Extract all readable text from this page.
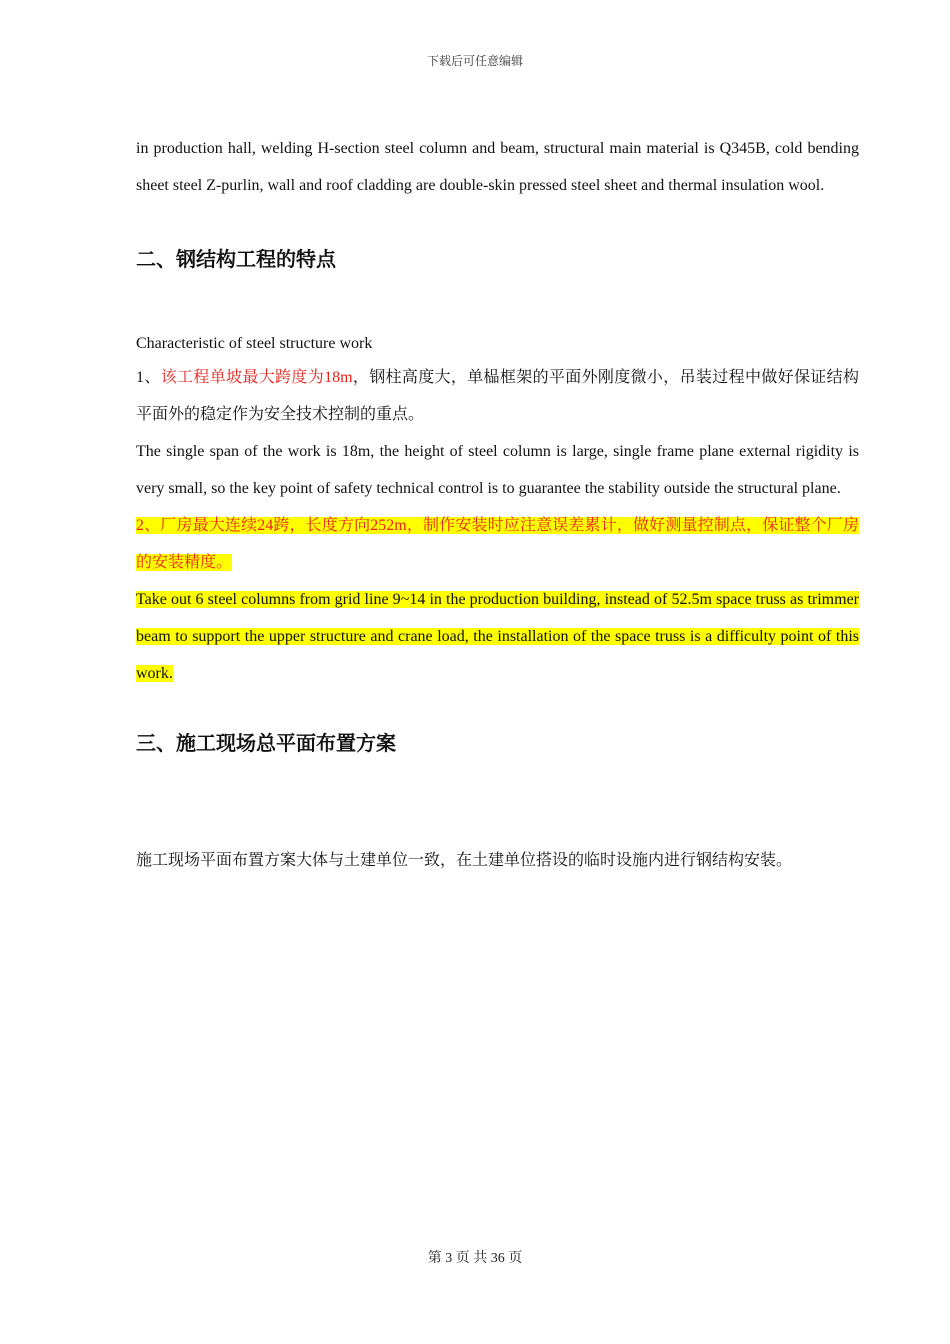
下载后可任意编辑

in production hall, welding H-section steel column and beam, structural main material is Q345B, cold bending sheet steel Z-purlin, wall and roof cladding are double-skin pressed steel sheet and thermal insulation wool.

二、钢结构工程的特点

Characteristic of steel structure work

1、该工程单坡最大跨度为18m，钢柱高度大，单榀框架的平面外刚度微小，吊装过程中做好保证结构平面外的稳定作为安全技术控制的重点。

The single span of the work is 18m, the height of steel column is large, single frame plane external rigidity is very small, so the key point of safety technical control is to guarantee the stability outside the structural plane.

2、厂房最大连续24跨，长度方向252m，制作安装时应注意误差累计，做好测量控制点，保证整个厂房的安装精度。

Take out 6 steel columns from grid line 9~14 in the production building, instead of 52.5m space truss as trimmer beam to support the upper structure and crane load, the installation of the space truss is a difficulty point of this work.

三、施工现场总平面布置方案

施工现场平面布置方案大体与土建单位一致，在土建单位搭设的临时设施内进行钢结构安装。

第 3 页 共 36 页
